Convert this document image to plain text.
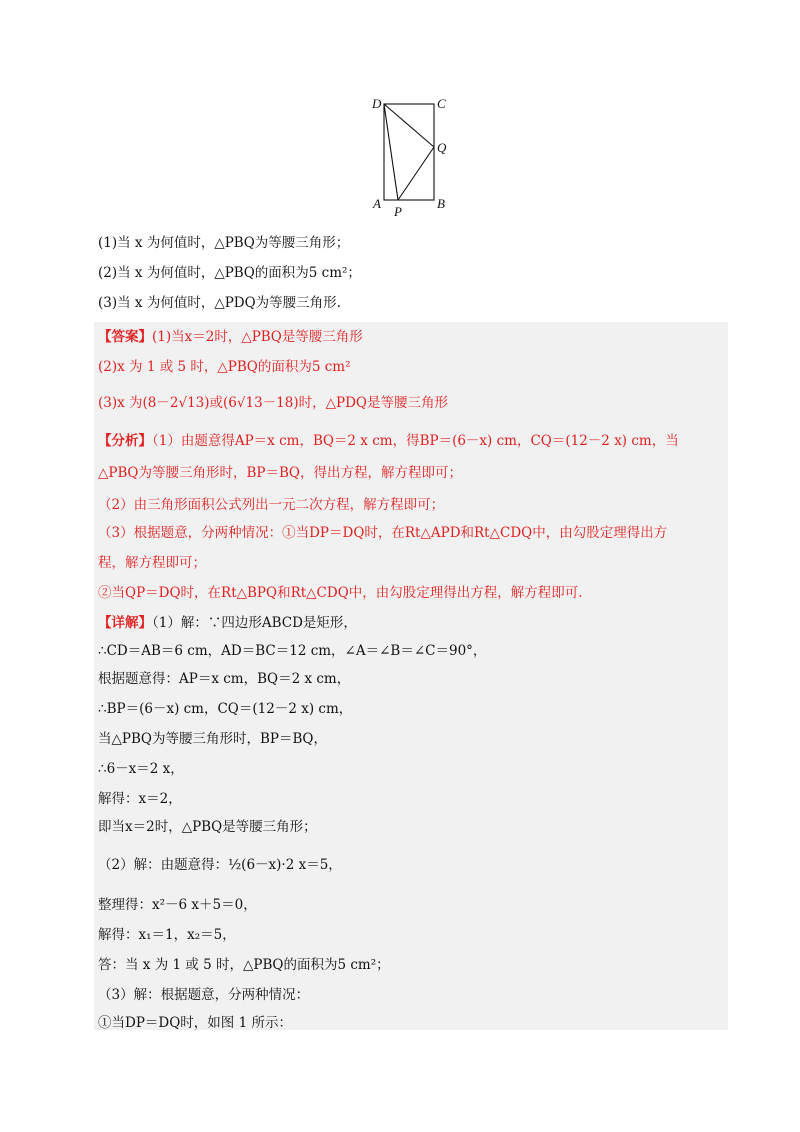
D	C
Q
A
P
B
(1)当 x 为何值时，△PBQ为等腰三角形；
(2)当 x 为何值时，△PBQ的面积为5 cm²；
(3)当 x 为何值时，△PDQ为等腰三角形.
【答案】(1)当x＝2时，△PBQ是等腰三角形
(2)x 为 1 或 5 时，△PBQ的面积为5 cm²
(3)x 为(8－2√13)或(6√13－18)时，△PDQ是等腰三角形
【分析】（1）由题意得AP＝x cm，BQ＝2 x cm，得BP＝(6－x) cm，CQ＝(12－2 x) cm，当
△PBQ为等腰三角形时，BP＝BQ，得出方程，解方程即可；
（2）由三角形面积公式列出一元二次方程，解方程即可；
（3）根据题意，分两种情况：①当DP＝DQ时，在Rt△APD和Rt△CDQ中，由勾股定理得出方
程，解方程即可；
②当QP＝DQ时，在Rt△BPQ和Rt△CDQ中，由勾股定理得出方程，解方程即可.
【详解】（1）解：∵四边形ABCD是矩形，
∴CD＝AB＝6 cm，AD＝BC＝12 cm，∠A＝∠B＝∠C＝90°，
根据题意得：AP＝x cm，BQ＝2 x cm，
∴BP＝(6－x) cm，CQ＝(12－2 x) cm，
当△PBQ为等腰三角形时，BP＝BQ，
∴6－x＝2 x，
解得：x＝2，
即当x＝2时，△PBQ是等腰三角形；
（2）解：由题意得：½(6－x)·2 x＝5，
整理得：x²－6 x＋5＝0，
解得：x₁＝1，x₂＝5，
答：当 x 为 1 或 5 时，△PBQ的面积为5 cm²；
（3）解：根据题意，分两种情况：
①当DP＝DQ时，如图 1 所示：
